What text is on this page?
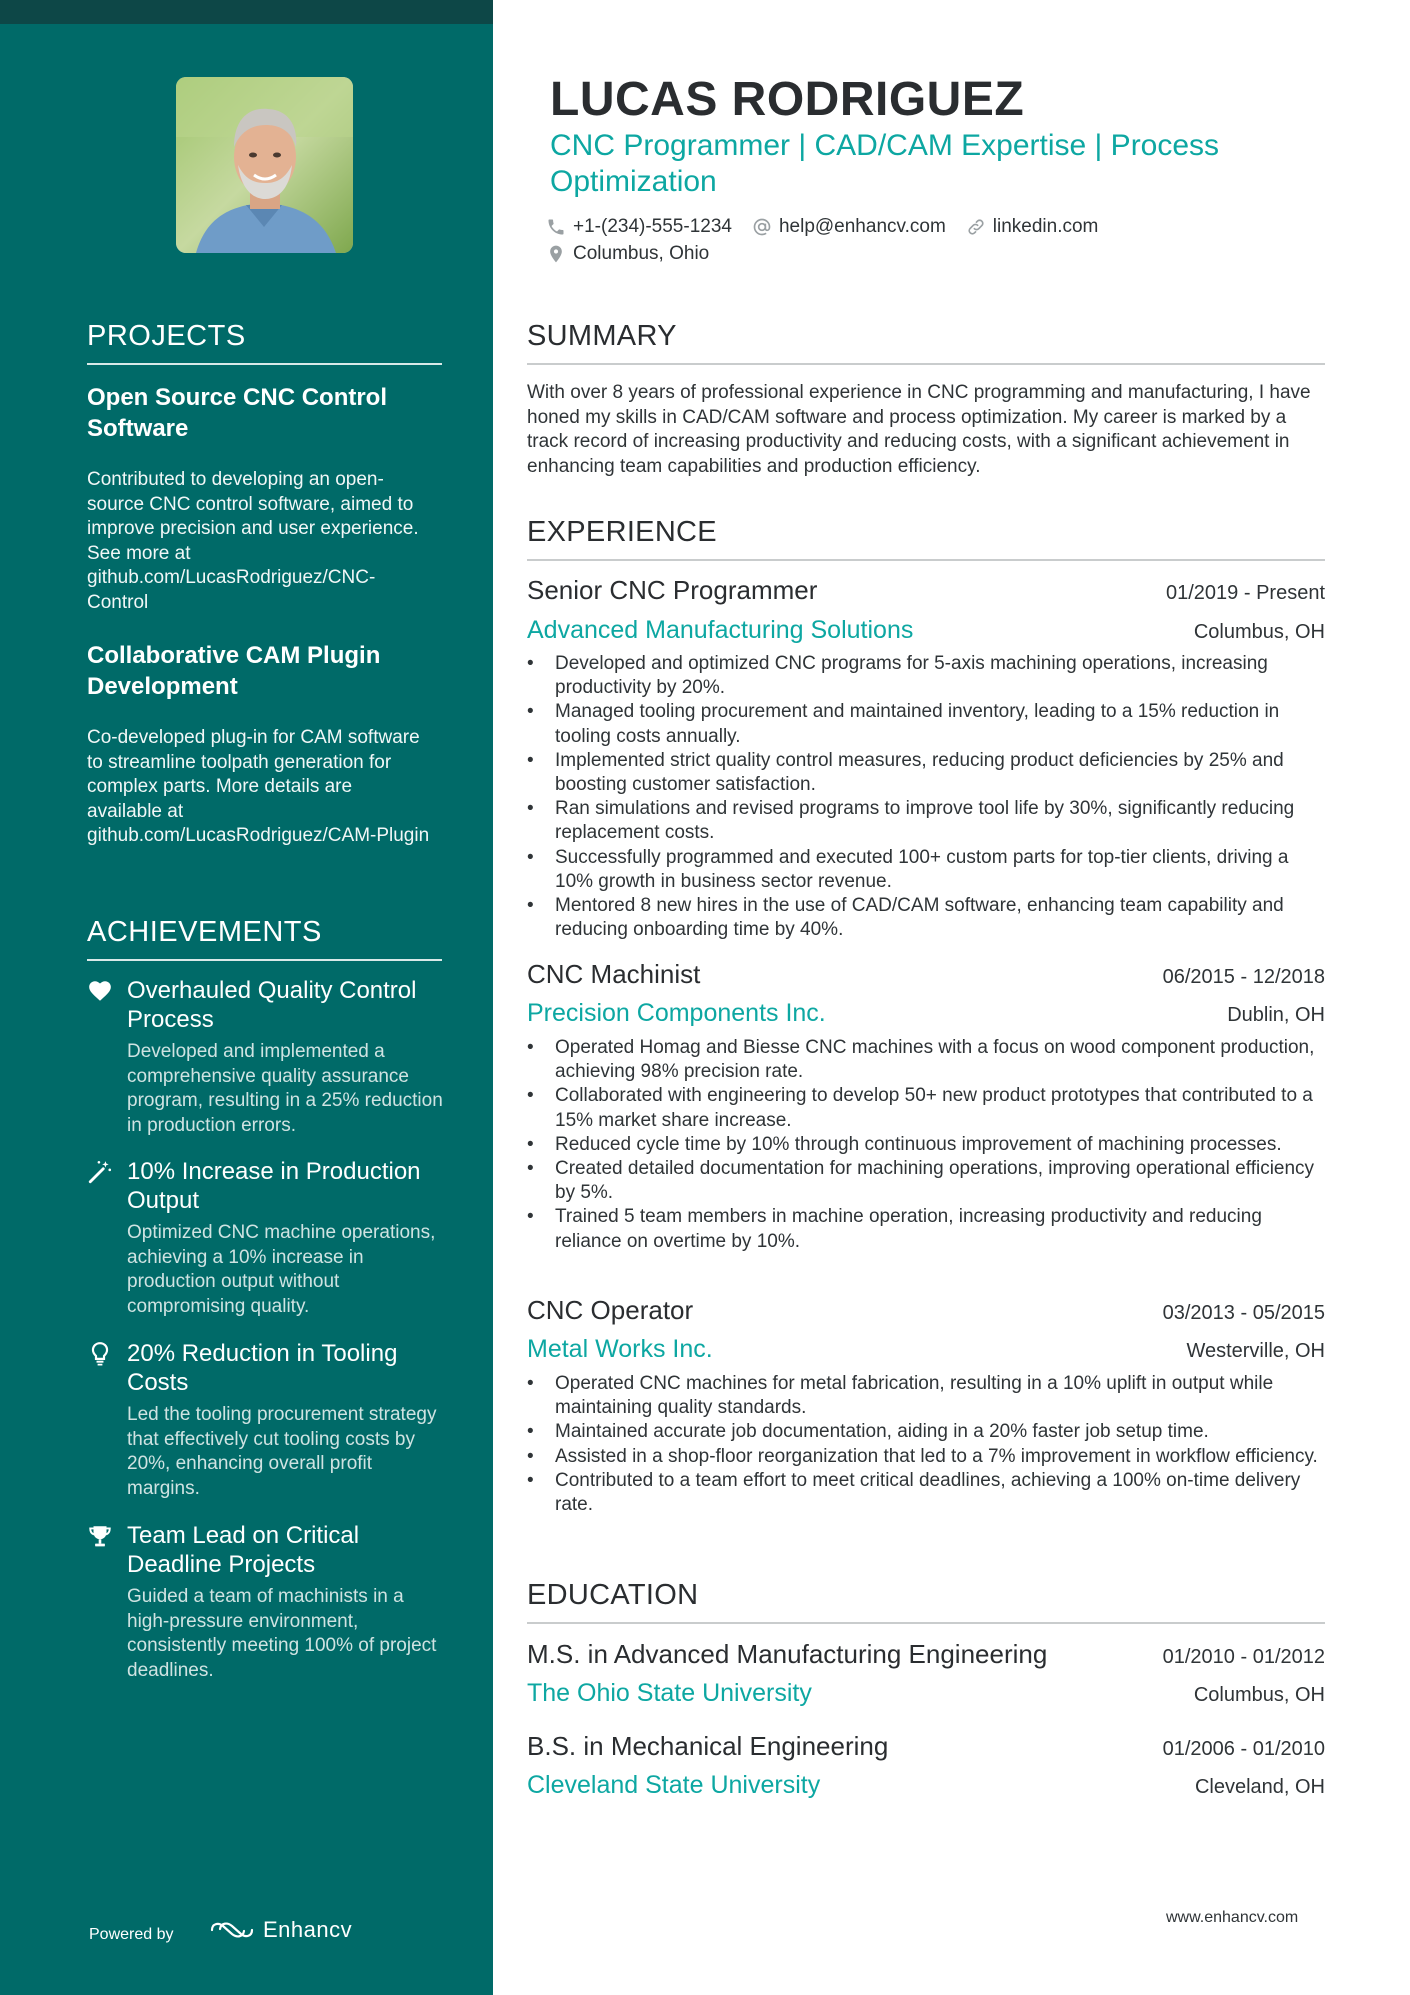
PROJECTS
Open Source CNC Control Software
Contributed to developing an open-source CNC control software, aimed to improve precision and user experience. See more at github.com/LucasRodriguez/CNC-Control
Collaborative CAM Plugin Development
Co-developed plug-in for CAM software to streamline toolpath generation for complex parts. More details are available at github.com/LucasRodriguez/CAM-Plugin
ACHIEVEMENTS
Overhauled Quality Control Process
Developed and implemented a comprehensive quality assurance program, resulting in a 25% reduction in production errors.
10% Increase in Production Output
Optimized CNC machine operations, achieving a 10% increase in production output without compromising quality.
20% Reduction in Tooling Costs
Led the tooling procurement strategy that effectively cut tooling costs by 20%, enhancing overall profit margins.
Team Lead on Critical Deadline Projects
Guided a team of machinists in a high-pressure environment, consistently meeting 100% of project deadlines.
Powered by	Enhancv
LUCAS RODRIGUEZ
CNC Programmer | CAD/CAM Expertise | Process Optimization
+1-(234)-555-1234 help@enhancv.com linkedin.com
Columbus, Ohio
SUMMARY
With over 8 years of professional experience in CNC programming and manufacturing, I have honed my skills in CAD/CAM software and process optimization. My career is marked by a track record of increasing productivity and reducing costs, with a significant achievement in enhancing team capabilities and production efficiency.
EXPERIENCE
Senior CNC Programmer	01/2019 - Present
Advanced Manufacturing Solutions	Columbus, OH
• Developed and optimized CNC programs for 5-axis machining operations, increasing productivity by 20%.
• Managed tooling procurement and maintained inventory, leading to a 15% reduction in tooling costs annually.
• Implemented strict quality control measures, reducing product deficiencies by 25% and boosting customer satisfaction.
• Ran simulations and revised programs to improve tool life by 30%, significantly reducing replacement costs.
• Successfully programmed and executed 100+ custom parts for top-tier clients, driving a 10% growth in business sector revenue.
• Mentored 8 new hires in the use of CAD/CAM software, enhancing team capability and reducing onboarding time by 40%.
CNC Machinist	06/2015 - 12/2018
Precision Components Inc.	Dublin, OH
• Operated Homag and Biesse CNC machines with a focus on wood component production, achieving 98% precision rate.
• Collaborated with engineering to develop 50+ new product prototypes that contributed to a 15% market share increase.
• Reduced cycle time by 10% through continuous improvement of machining processes.
• Created detailed documentation for machining operations, improving operational efficiency by 5%.
• Trained 5 team members in machine operation, increasing productivity and reducing reliance on overtime by 10%.
CNC Operator	03/2013 - 05/2015
Metal Works Inc.	Westerville, OH
• Operated CNC machines for metal fabrication, resulting in a 10% uplift in output while maintaining quality standards.
• Maintained accurate job documentation, aiding in a 20% faster job setup time.
• Assisted in a shop-floor reorganization that led to a 7% improvement in workflow efficiency.
• Contributed to a team effort to meet critical deadlines, achieving a 100% on-time delivery rate.
EDUCATION
M.S. in Advanced Manufacturing Engineering	01/2010 - 01/2012
The Ohio State University	Columbus, OH
B.S. in Mechanical Engineering	01/2006 - 01/2010
Cleveland State University	Cleveland, OH
www.enhancv.com
